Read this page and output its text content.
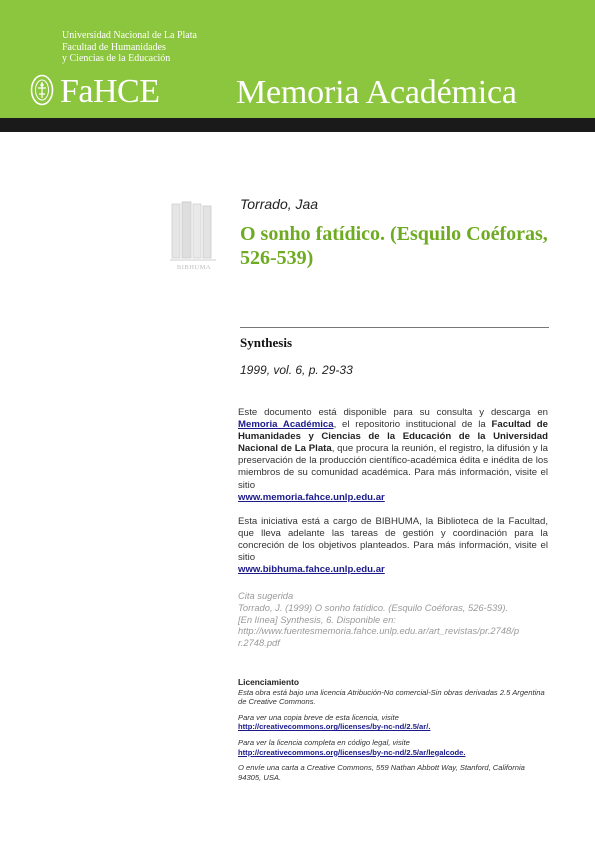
Universidad Nacional de La Plata
Facultad de Humanidades
y Ciencias de la Educación
FaHCE Memoria Académica
BIBHUMA
Torrado, Jaa
O sonho fatídico. (Esquilo Coéforas, 526-539)
Synthesis
1999, vol. 6, p. 29-33
Este documento está disponible para su consulta y descarga en Memoria Académica, el repositorio institucional de la Facultad de Humanidades y Ciencias de la Educación de la Universidad Nacional de La Plata, que procura la reunión, el registro, la difusión y la preservación de la producción científico-académica édita e inédita de los miembros de su comunidad académica. Para más información, visite el sitio
www.memoria.fahce.unlp.edu.ar
Esta iniciativa está a cargo de BIBHUMA, la Biblioteca de la Facultad, que lleva adelante las tareas de gestión y coordinación para la concreción de los objetivos planteados. Para más información, visite el sitio
www.bibhuma.fahce.unlp.edu.ar
Cita sugerida
Torrado, J. (1999) O sonho fatídico. (Esquilo Coéforas, 526-539).
[En línea] Synthesis, 6. Disponible en:
http://www.fuentesmemoria.fahce.unlp.edu.ar/art_revistas/pr.2748/p
r.2748.pdf
Licenciamiento
Esta obra está bajo una licencia Atribución-No comercial-Sin obras derivadas 2.5 Argentina de Creative Commons.
Para ver una copia breve de esta licencia, visite
http://creativecommons.org/licenses/by-nc-nd/2.5/ar/.
Para ver la licencia completa en código legal, visite
http://creativecommons.org/licenses/by-nc-nd/2.5/ar/legalcode.
O envíe una carta a Creative Commons, 559 Nathan Abbott Way, Stanford, California 94305, USA.
